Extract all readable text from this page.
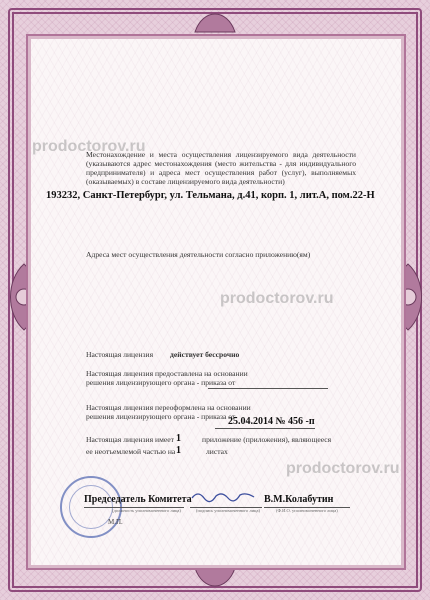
prodoctorov.ru
prodoctorov.ru
prodoctorov.ru
Местонахождение и места осуществления лицензируемого вида деятельности (указываются адрес местонахождения (место жительства - для индивидуального предпринимателя) и адреса мест осуществления работ (услуг), выполняемых (оказываемых) в составе лицензируемого вида деятельности)
193232, Санкт-Петербург, ул. Тельмана, д.41, корп. 1, лит.А, пом.22-Н
Адреса мест осуществления деятельности согласно приложению(ям)
Настоящая лицензия действует бессрочно
Настоящая лицензия предоставлена на основании решения лицензирующего органа - приказа от
Настоящая лицензия переоформлена на основании решения лицензирующего органа - приказа от
25.04.2014 № 456 -п
Настоящая лицензия имеет 1	приложение (приложения), являющееся
ее неотъемлемой частью на 1	листах
М.П.
Председатель Комитета
(должность уполномоченного лица)	(подпись уполномоченного лица)
В.М.Колабутин
(Ф.И.О. уполномоченного лица)
